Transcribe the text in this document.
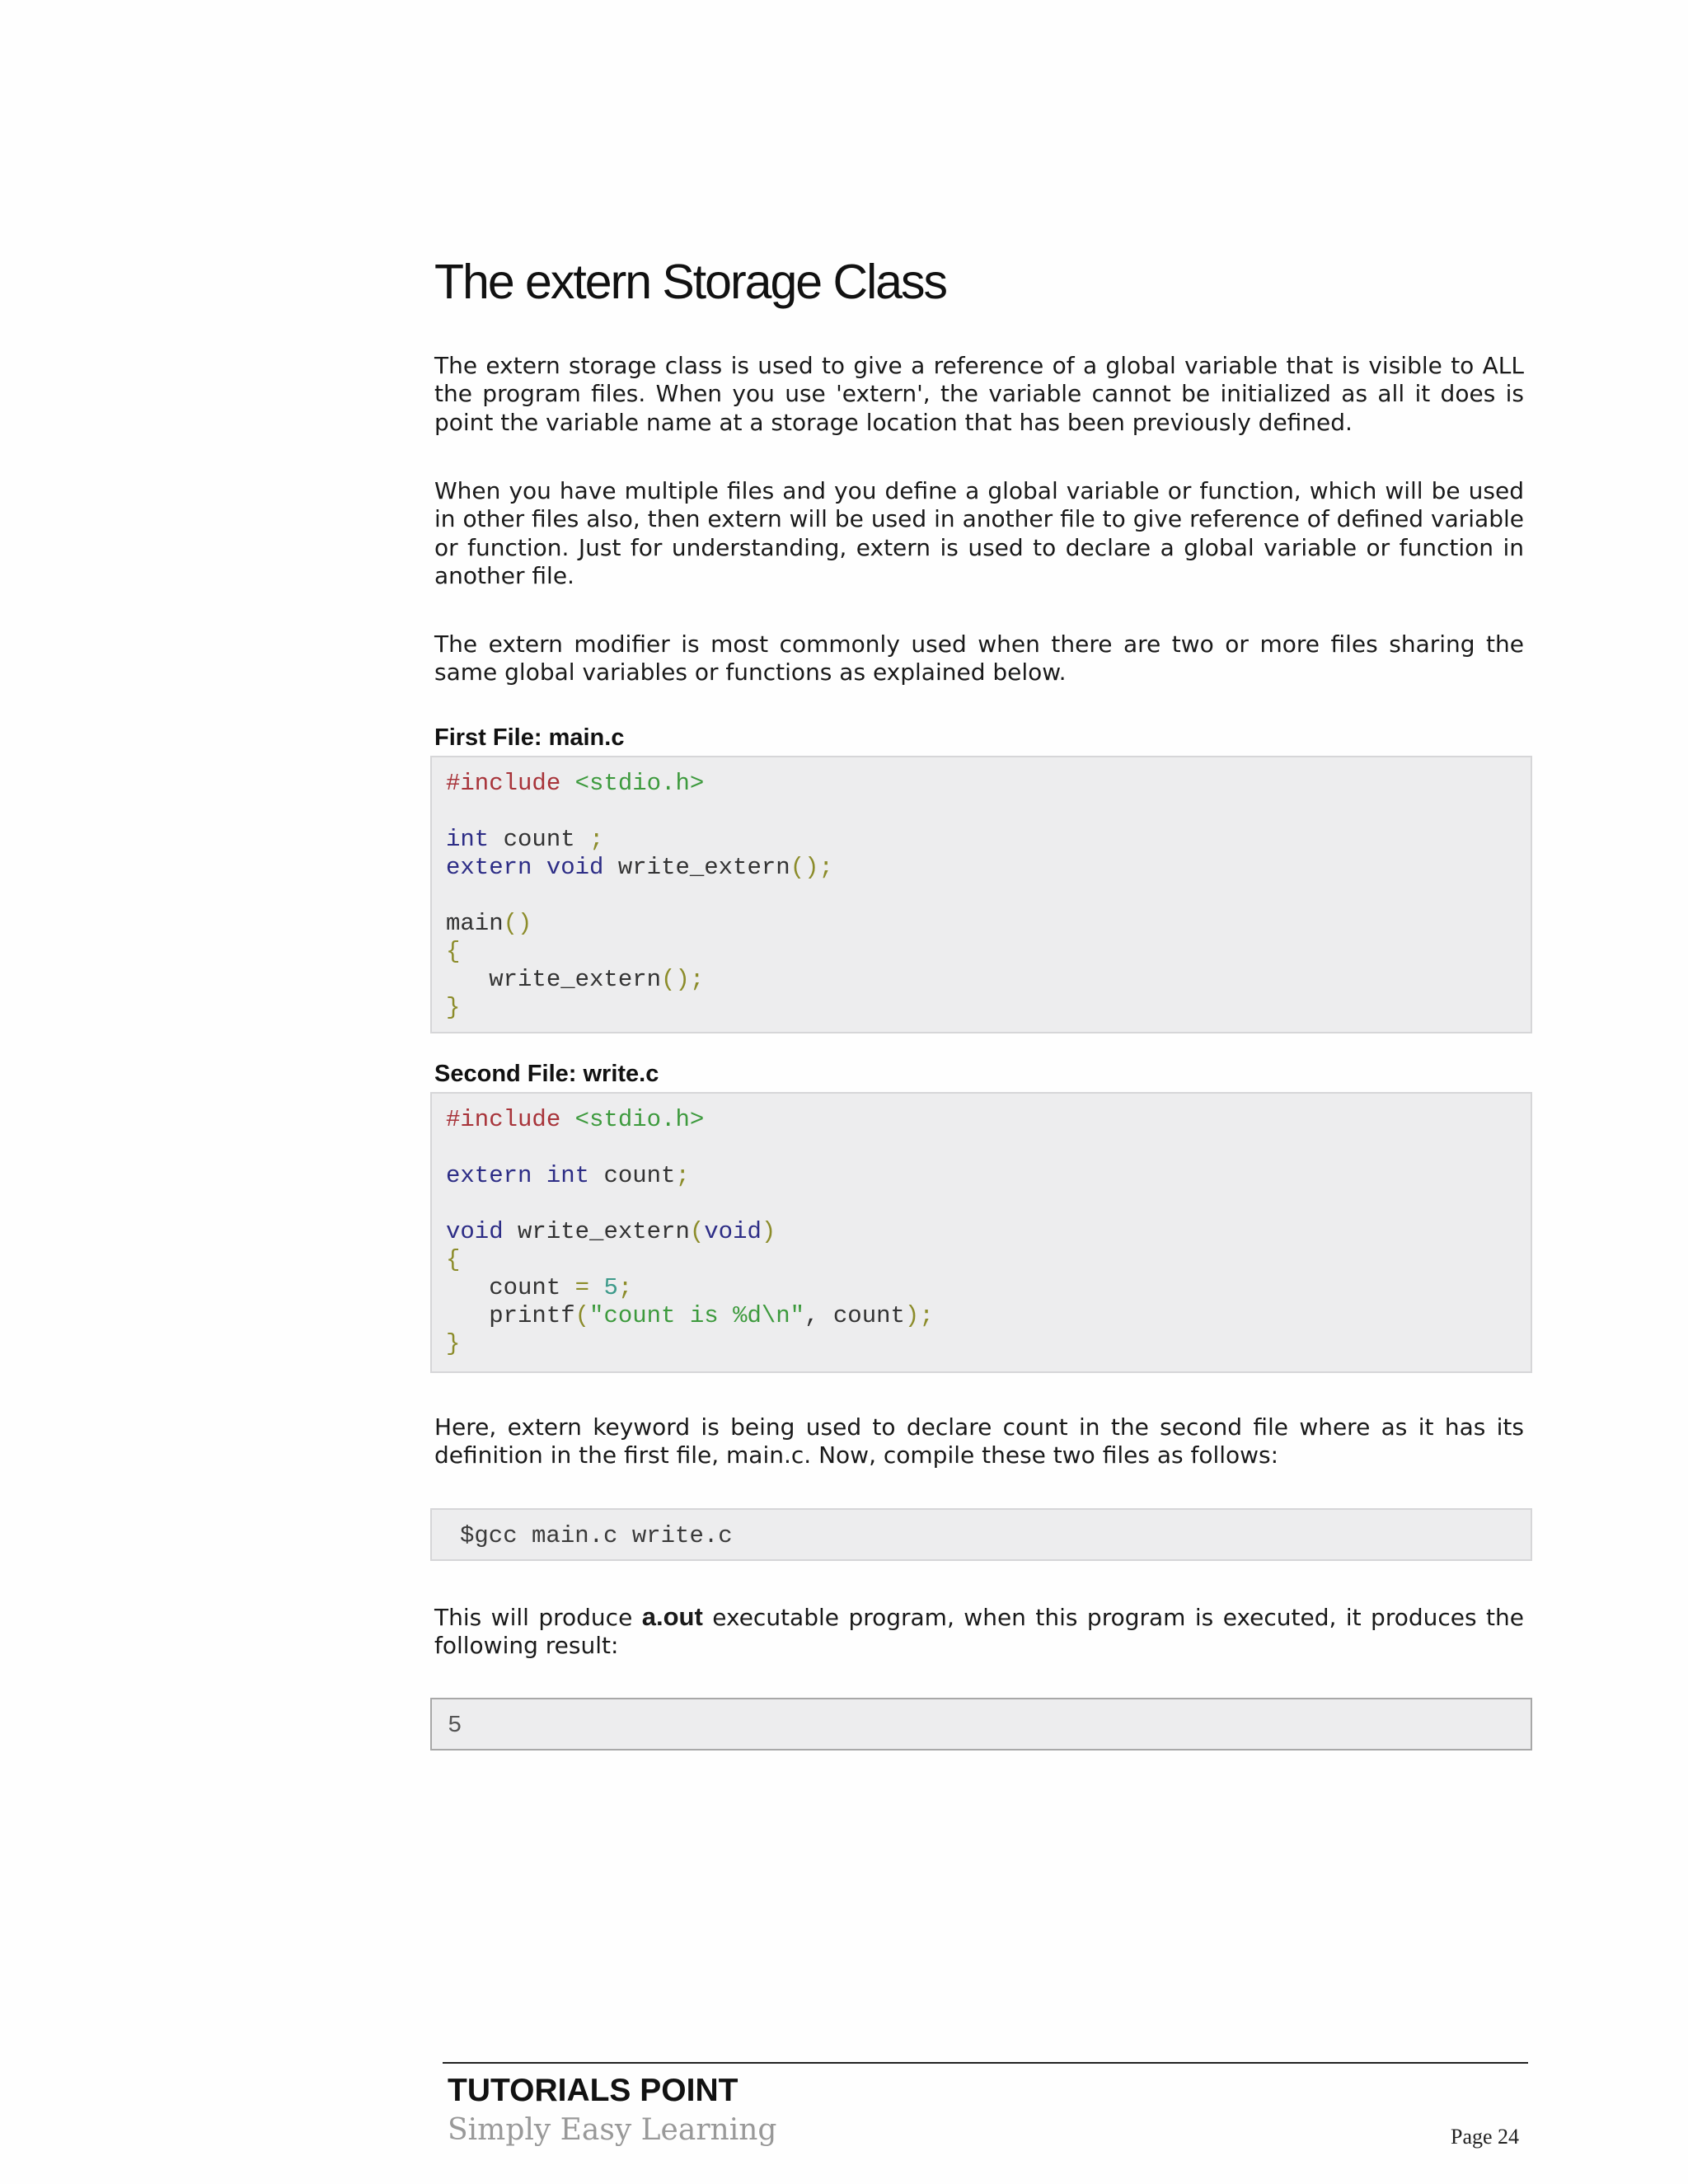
The extern Storage Class

The extern storage class is used to give a reference of a global variable that is visible to ALL the program files. When you use 'extern', the variable cannot be initialized as all it does is point the variable name at a storage location that has been previously defined.

When you have multiple files and you define a global variable or function, which will be used in other files also, then extern will be used in another file to give reference of defined variable or function. Just for understanding, extern is used to declare a global variable or function in another file.

The extern modifier is most commonly used when there are two or more files sharing the same global variables or functions as explained below.

First File: main.c
#include <stdio.h>
int count ;
extern void write_extern();
main()
{
write_extern();
}
Second File: write.c
#include <stdio.h>
extern int count;
void write_extern(void)
{
count = 5;
printf("count is %d\n", count);
}

Here, extern keyword is being used to declare count in the second file where as it has its definition in the first file, main.c. Now, compile these two files as follows:

$gcc main.c write.c

This will produce a.out executable program, when this program is executed, it produces the following result:

5
TUTORIALS POINT
Simply Easy Learning	Page 24
